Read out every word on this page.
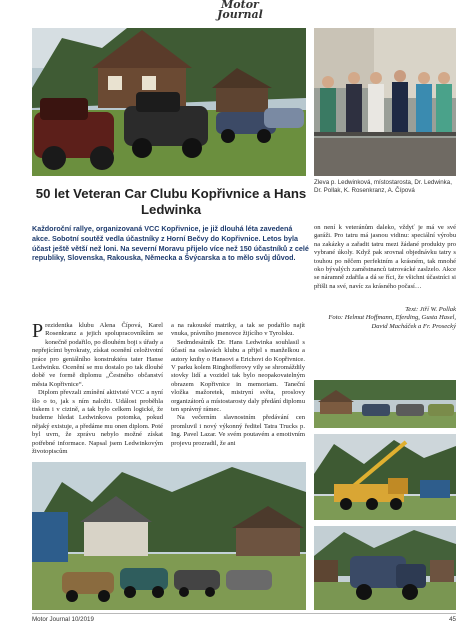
Motor
Journal
Zleva p. Ledwinková, místostarosta, Dr. Ledwinka, Dr. Pollak, K. Rosenkranz, A. Čípová
50 let Veteran Car Clubu Kopřivnice a Hans Ledwinka
Každoroční rallye, organizovaná VCC Kopřivnice, je již dlouhá léta zavedená akce. Sobotní soutěž vedla účastníky z Horní Bečvy do Kopřivnice. Letos byla účast ještě větší než loni. Na severní Moravu přijelo více než 150 účastníků z celé republiky, Slovenska, Rakouska, Německa a Švýcarska a to mělo svůj důvod.

Prezidentka klubu Alena Čípová, Karel Rosenkranz a jejich spolupracovníkům se konečně podařilo, po dlouhém boji s úřady a nepřejícími byrokraty, získat ocenění celoživotní práce pro geniálního konstruktéra tater Hanse Ledwinku. Ocenění se mu dostalo po tak dlouhé době ve formě diplomu „Čestného občanství města Kopřivnice“.

Diplom převzali zmínění aktivisté VCC a nyní šlo o to, jak s ním naložit. Událost proběhla tiskem i v cizině, a tak bylo celkem logické, že budeme hledat Ledwinkova potomka, pokud nějaký existuje, a předáme mu onen diplom. Poté byl uvrn, že zprávu nebylo možné získat potřebné informace. Napsal jsem Ledwinkovým životopiscům

a na rakouské matriky, a tak se podařilo najít vnuka, právního jmenovce žijícího v Tyrolsku.

Sedmdesátník Dr. Hans Ledwinka souhlasil s účastí na oslavách klubu a přijel s manželkou a autory knihy o Hansovi a Erichovi do Kopřivnice. V parku kolem Ringhofferovy vily se shromáždily stovky lidí a vozidel tak bylo neopakovatelným obrazem Kopřivnice in memoriam. Taneční vložka mažoretek, mistryní světa, proslovy organizátorů a místostarosty daly předání diplomu ten správný rámec.

Na večerním slavnostním předávání cen promluvil i nový výkonný ředitel Tatra Trucks p. Ing. Pavel Lazar. Ve svém poutavém a emotivním projevu prozradil, že ani

on není k veteránům daleko, vždyť je má ve své garáži. Pro tatru má jasnou vidinu: speciální výrobu na zakázky a zařadit tatru mezi žádané produkty pro vybrané úkoly. Když pak srovnal objednávku tatry s touhou po něčem perfektním a krásném, tak mnohé oko bývalých zaměstnanců tatrovácké zaslzelo. Akce se náramně zdařila a dá se říci, že všichni účastníci si přišli na své, navíc za krásného počasí…

Text: Jiří W. Pollak

Foto: Helmut Hoffmann, Eferding, Gusta Hasel, David Macháček a Fr. Prosecký

Motor Journal 10/2019	45
